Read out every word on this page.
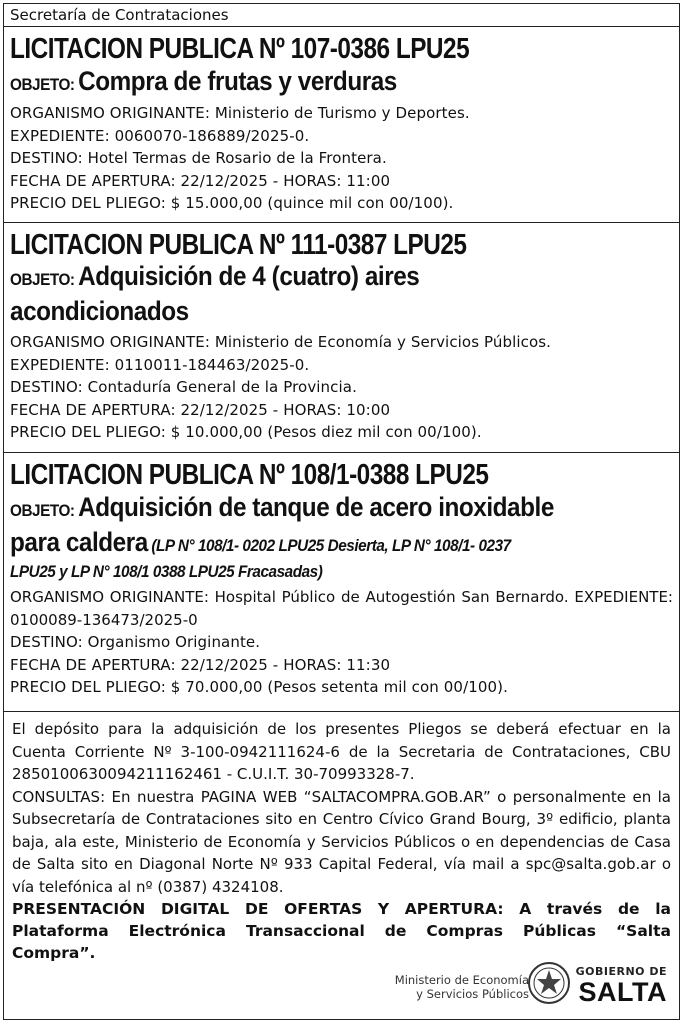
Secretaría de Contrataciones
LICITACION PUBLICA Nº 107-0386 LPU25
OBJETO: Compra de frutas y verduras
ORGANISMO ORIGINANTE: Ministerio de Turismo y Deportes.
EXPEDIENTE: 0060070-186889/2025-0.
DESTINO: Hotel Termas de Rosario de la Frontera.
FECHA DE APERTURA: 22/12/2025 - HORAS: 11:00
PRECIO DEL PLIEGO: $ 15.000,00 (quince mil con 00/100).
LICITACION PUBLICA Nº 111-0387 LPU25
OBJETO: Adquisición de 4 (cuatro) aires
acondicionados
ORGANISMO ORIGINANTE: Ministerio de Economía y Servicios Públicos.
EXPEDIENTE: 0110011-184463/2025-0.
DESTINO: Contaduría General de la Provincia.
FECHA DE APERTURA: 22/12/2025 - HORAS: 10:00
PRECIO DEL PLIEGO: $ 10.000,00 (Pesos diez mil con 00/100).
LICITACION PUBLICA Nº 108/1-0388 LPU25
OBJETO: Adquisición de tanque de acero inoxidable
para caldera (LP N° 108/1- 0202 LPU25 Desierta, LP N° 108/1- 0237
LPU25 y LP N° 108/1 0388 LPU25 Fracasadas)
ORGANISMO ORIGINANTE: Hospital Público de Autogestión San Bernardo. EXPEDIENTE: 0100089-136473/2025-0
DESTINO: Organismo Originante.
FECHA DE APERTURA: 22/12/2025 - HORAS: 11:30
PRECIO DEL PLIEGO: $ 70.000,00 (Pesos setenta mil con 00/100).
El depósito para la adquisición de los presentes Pliegos se deberá efectuar en la Cuenta Corriente Nº 3-100-0942111624-6 de la Secretaria de Contrataciones, CBU 2850100630094211162461 - C.U.I.T. 30-70993328-7.
CONSULTAS: En nuestra PAGINA WEB “SALTACOMPRA.GOB.AR” o personalmente en la Subsecretaría de Contrataciones sito en Centro Cívico Grand Bourg, 3º edificio, planta baja, ala este, Ministerio de Economía y Servicios Públicos o en dependencias de Casa de Salta sito en Diagonal Norte Nº 933 Capital Federal, vía mail a spc@salta.gob.ar o vía telefónica al nº (0387) 4324108.
PRESENTACIÓN DIGITAL DE OFERTAS Y APERTURA: A través de la Plataforma Electrónica Transaccional de Compras Públicas “Salta Compra”.
Ministerio de Economía
y Servicios Públicos
GOBIERNO DE
SALTA
